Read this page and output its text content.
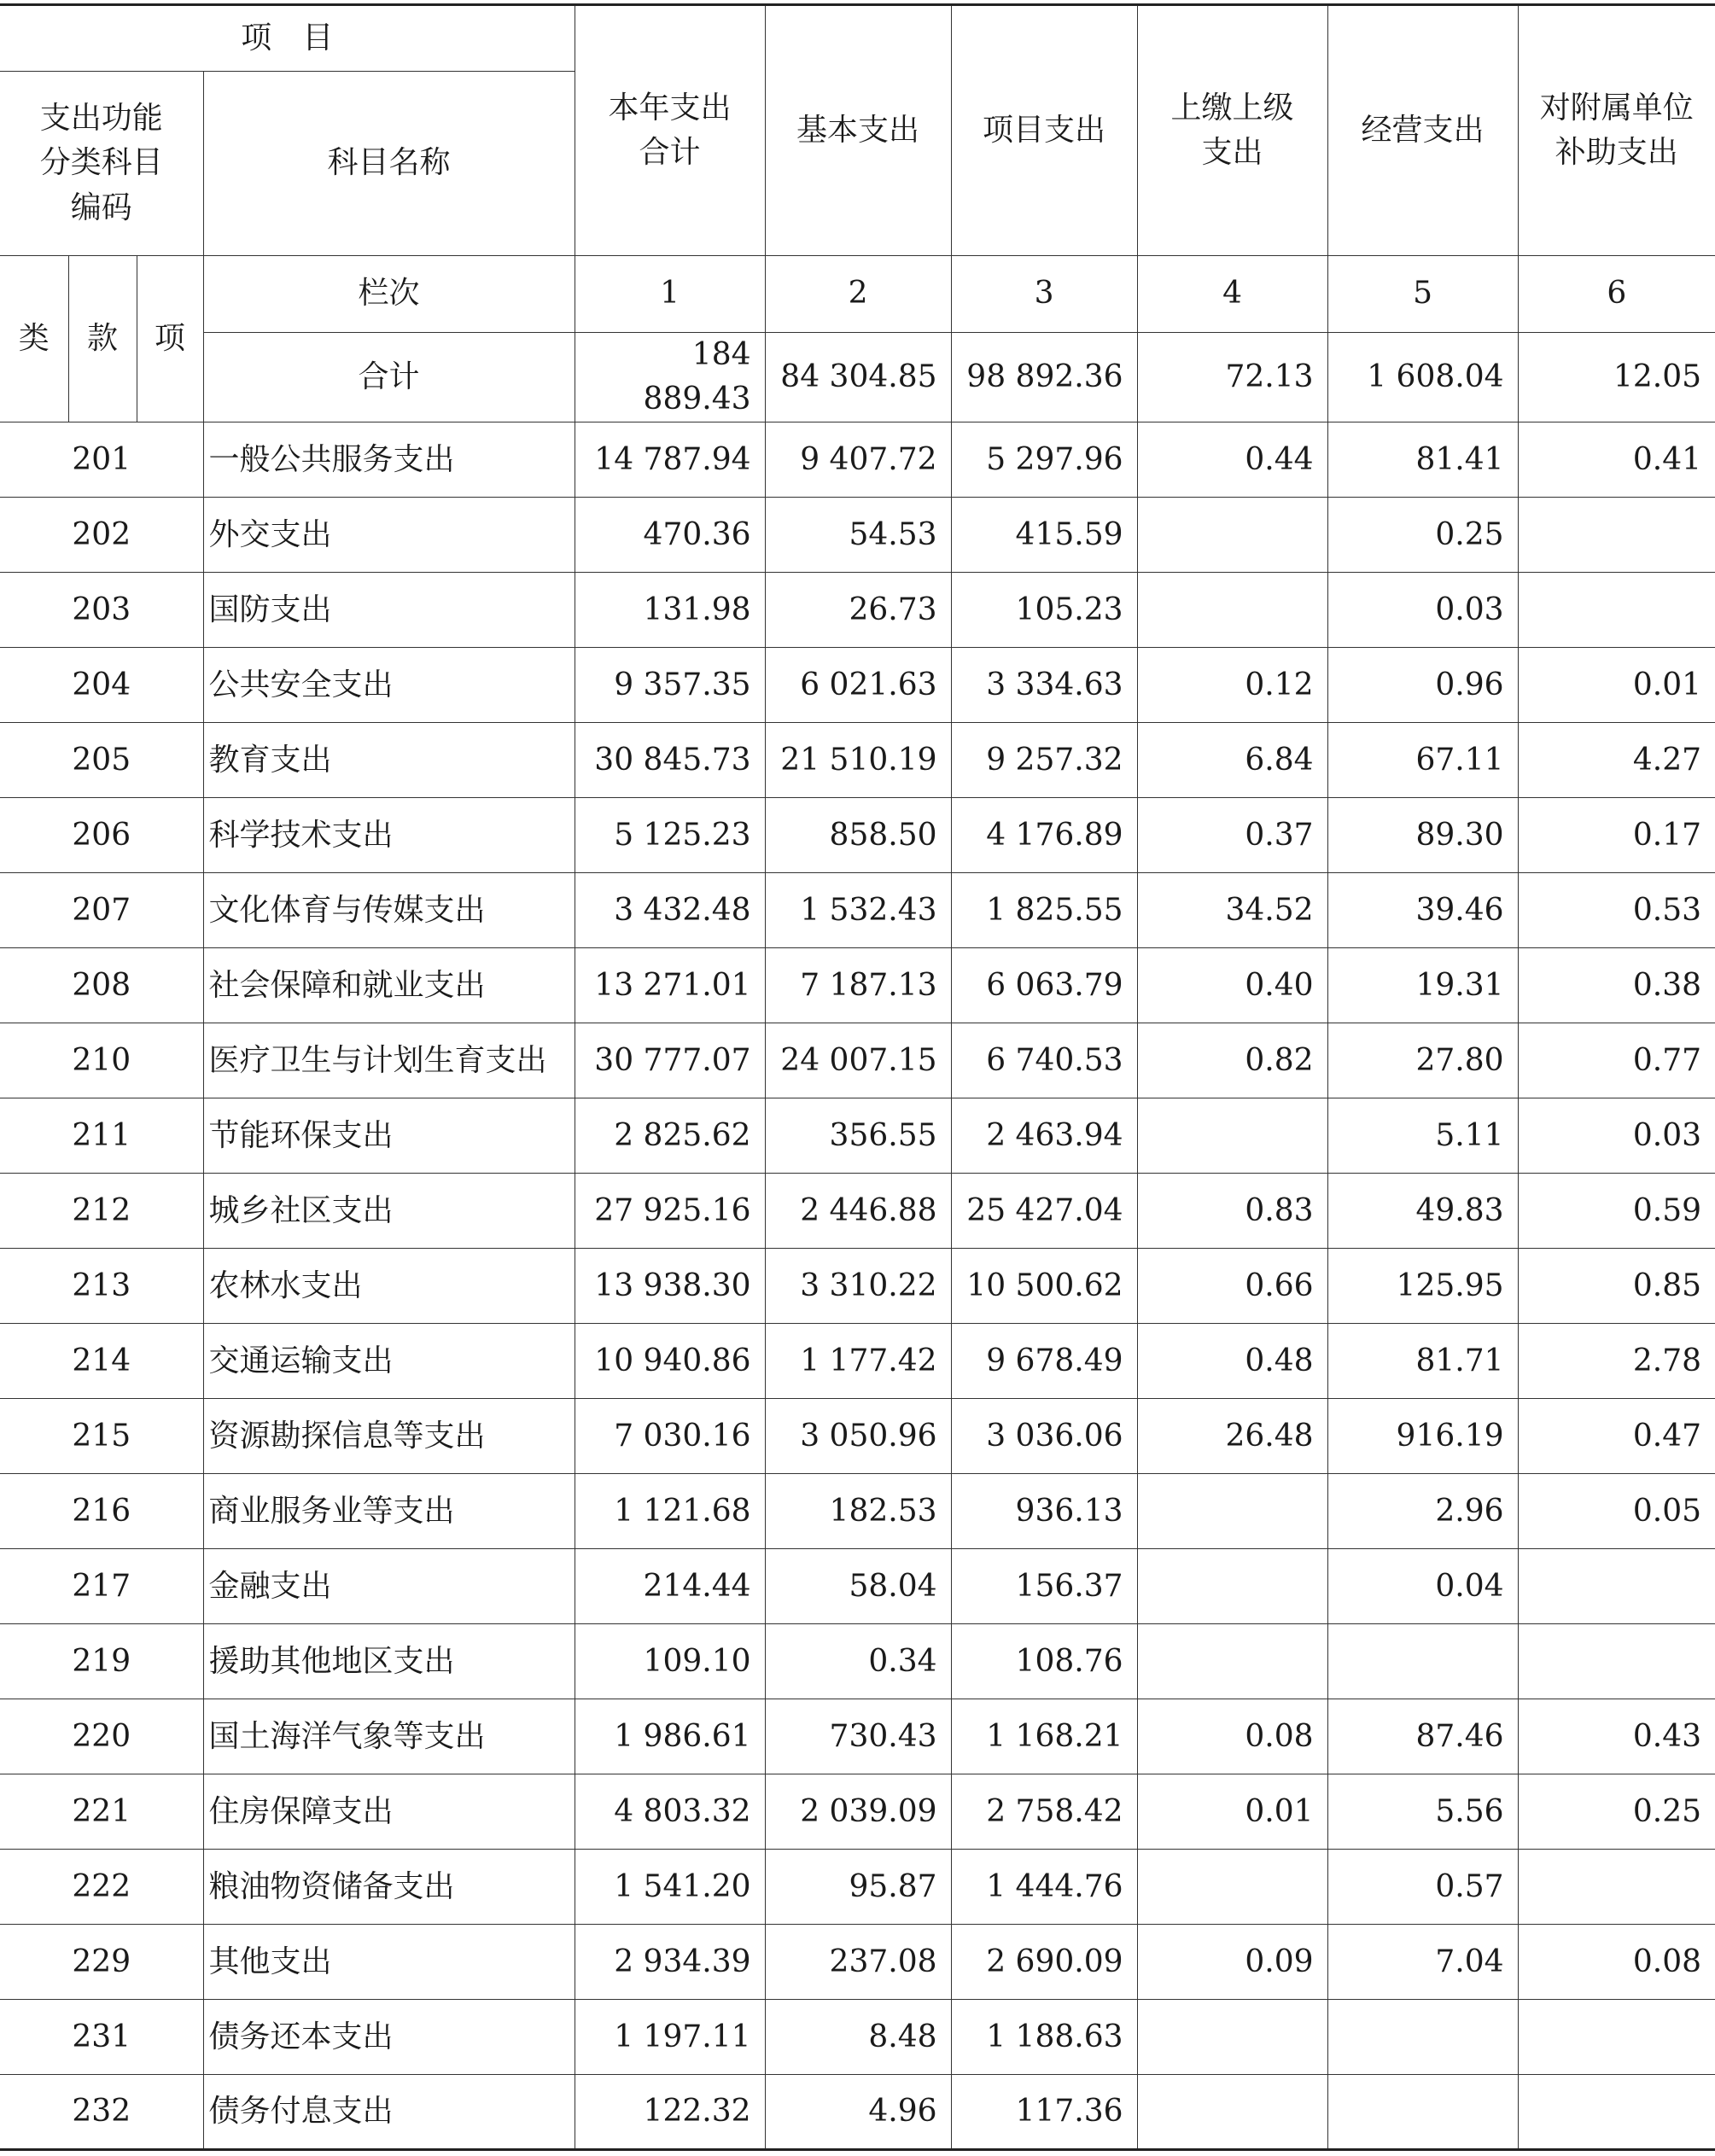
项　目				本年支出合计	基本支出	项目支出	上缴上级支出	经营支出	对附属单位补助支出
支出功能分类科目编码			科目名称						
类	款	项	栏次	1	2	3	4	5	6
			合计	184 889.43	84 304.85	98 892.36	72.13	1 608.04	12.05
201			一般公共服务支出	14 787.94	9 407.72	5 297.96	0.44	81.41	0.41
202			外交支出	470.36	54.53	415.59		0.25	
203			国防支出	131.98	26.73	105.23		0.03	
204			公共安全支出	9 357.35	6 021.63	3 334.63	0.12	0.96	0.01
205			教育支出	30 845.73	21 510.19	9 257.32	6.84	67.11	4.27
206			科学技术支出	5 125.23	858.50	4 176.89	0.37	89.30	0.17
207			文化体育与传媒支出	3 432.48	1 532.43	1 825.55	34.52	39.46	0.53
208			社会保障和就业支出	13 271.01	7 187.13	6 063.79	0.40	19.31	0.38
210			医疗卫生与计划生育支出	30 777.07	24 007.15	6 740.53	0.82	27.80	0.77
211			节能环保支出	2 825.62	356.55	2 463.94		5.11	0.03
212			城乡社区支出	27 925.16	2 446.88	25 427.04	0.83	49.83	0.59
213			农林水支出	13 938.30	3 310.22	10 500.62	0.66	125.95	0.85
214			交通运输支出	10 940.86	1 177.42	9 678.49	0.48	81.71	2.78
215			资源勘探信息等支出	7 030.16	3 050.96	3 036.06	26.48	916.19	0.47
216			商业服务业等支出	1 121.68	182.53	936.13		2.96	0.05
217			金融支出	214.44	58.04	156.37		0.04	
219			援助其他地区支出	109.10	0.34	108.76			
220			国土海洋气象等支出	1 986.61	730.43	1 168.21	0.08	87.46	0.43
221			住房保障支出	4 803.32	2 039.09	2 758.42	0.01	5.56	0.25
222			粮油物资储备支出	1 541.20	95.87	1 444.76		0.57	
229			其他支出	2 934.39	237.08	2 690.09	0.09	7.04	0.08
231			债务还本支出	1 197.11	8.48	1 188.63			
232			债务付息支出	122.32	4.96	117.36			
